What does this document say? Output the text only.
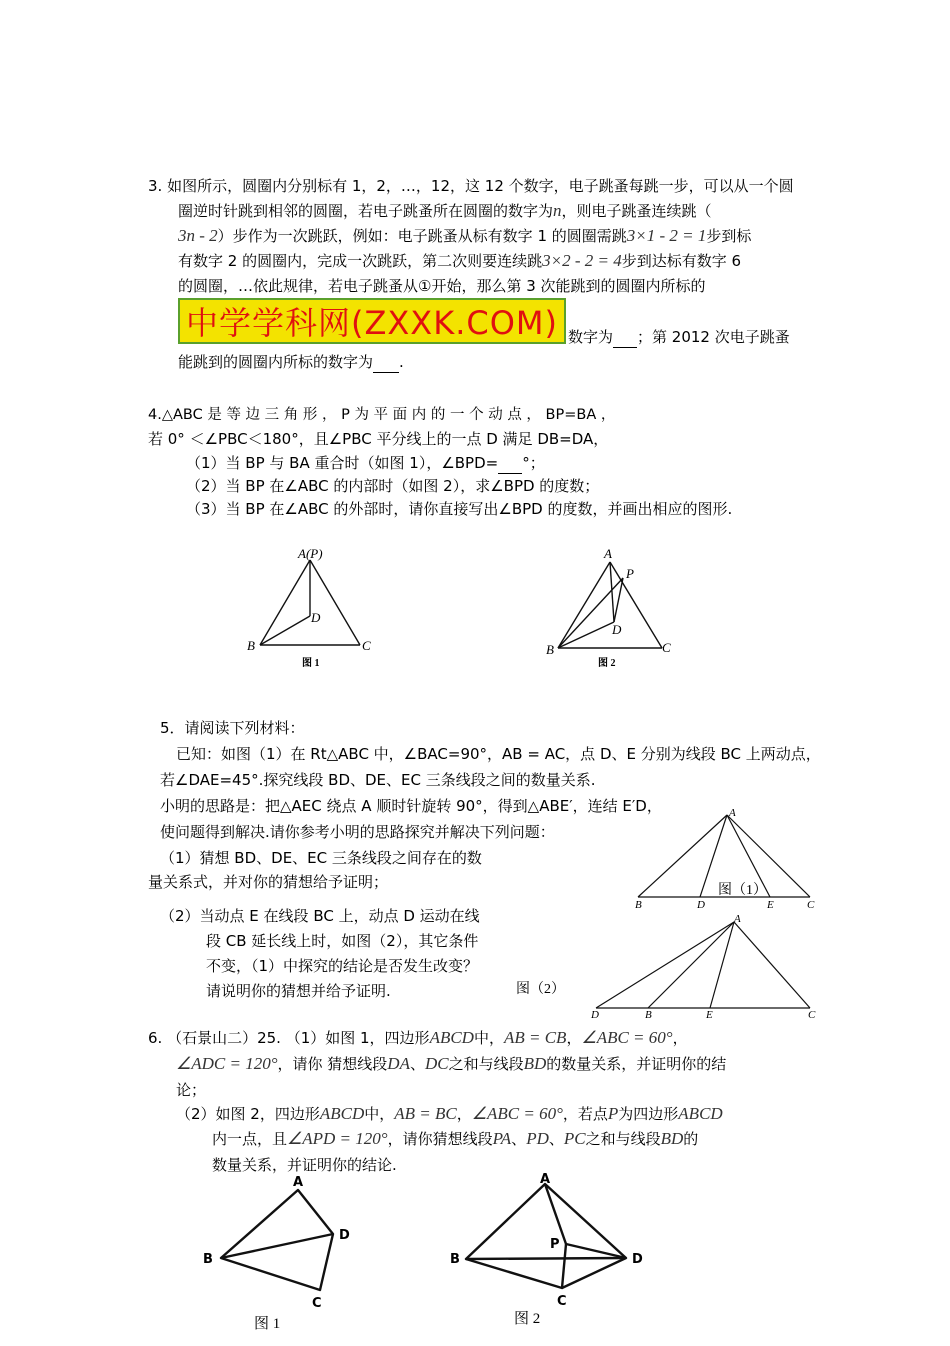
3. 如图所示，圆圈内分别标有 1，2，…，12，这 12 个数字，电子跳蚤每跳一步，可以从一个圆
圈逆时针跳到相邻的圆圈，若电子跳蚤所在圆圈的数字为n，则电子跳蚤连续跳（
3n - 2）步作为一次跳跃，例如：电子跳蚤从标有数字 1 的圆圈需跳3×1 - 2 = 1步到标
有数字 2 的圆圈内，完成一次跳跃，第二次则要连续跳3×2 - 2 = 4步到达标有数字 6
的圆圈，…依此规律，若电子跳蚤从①开始，那么第 3 次能跳到的圆圈内所标的
中学学科网(ZXXK.COM) 数字为 ；第 2012 次电子跳蚤
能跳到的圆圈内所标的数字为 .
4.△ABC 是 等 边 三 角 形 ， P 为 平 面 内 的 一 个 动 点 ， BP=BA ，
若 0° ＜∠PBC＜180°，且∠PBC 平分线上的一点 D 满足 DB=DA，
（1）当 BP 与 BA 重合时（如图 1），∠BPD= °；
（2）当 BP 在∠ABC 的内部时（如图 2），求∠BPD 的度数；
（3）当 BP 在∠ABC 的外部时，请你直接写出∠BPD 的度数，并画出相应的图形.
A(P)
B	C
D
图 1
A
P
B	C
D
图 2
5．请阅读下列材料：
已知：如图（1）在 Rt△ABC 中，∠BAC=90°，AB = AC，点 D、E 分别为线段 BC 上两动点，
若∠DAE=45°.探究线段 BD、DE、EC 三条线段之间的数量关系.
小明的思路是：把△AEC 绕点 A 顺时针旋转 90°，得到△ABE′，连结 E′D，
使问题得到解决.请你参考小明的思路探究并解决下列问题：
（1）猜想 BD、DE、EC 三条线段之间存在的数
量关系式，并对你的猜想给予证明；
（2）当动点 E 在线段 BC 上，动点 D 运动在线
段 CB 延长线上时，如图（2），其它条件
不变，（1）中探究的结论是否发生改变？
请说明你的猜想并给予证明.
A
B	D	E	C
图（1）
A
D	B	E	C
图（2）
6. （石景山二）25. （1）如图 1，四边形ABCD中，AB = CB，∠ABC = 60°，
∠ADC = 120°，请你 猜想线段DA、DC之和与线段BD的数量关系，并证明你的结
论；
（2）如图 2，四边形ABCD中，AB = BC，∠ABC = 60°，若点P为四边形ABCD
内一点，且∠APD = 120°，请你猜想线段PA、PD、PC之和与线段BD的
数量关系，并证明你的结论.
A
B
D
C
图 1
A
P
B	D
C
图 2
